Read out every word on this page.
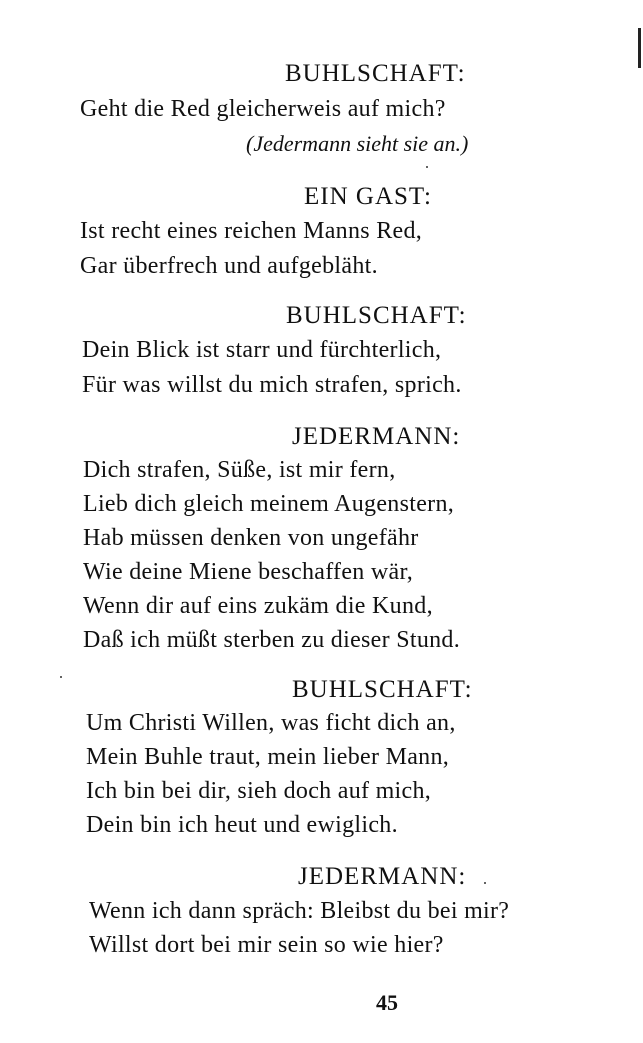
BUHLSCHAFT:
Geht die Red gleicherweis auf mich?
(Jedermann sieht sie an.)
EIN GAST:
Ist recht eines reichen Manns Red,
Gar überfrech und aufgebläht.
BUHLSCHAFT:
Dein Blick ist starr und fürchterlich,
Für was willst du mich strafen, sprich.
JEDERMANN:
Dich strafen, Süße, ist mir fern,
Lieb dich gleich meinem Augenstern,
Hab müssen denken von ungefähr
Wie deine Miene beschaffen wär,
Wenn dir auf eins zukäm die Kund,
Daß ich müßt sterben zu dieser Stund.
BUHLSCHAFT:
Um Christi Willen, was ficht dich an,
Mein Buhle traut, mein lieber Mann,
Ich bin bei dir, sieh doch auf mich,
Dein bin ich heut und ewiglich.
JEDERMANN:
Wenn ich dann spräch: Bleibst du bei mir?
Willst dort bei mir sein so wie hier?
45
